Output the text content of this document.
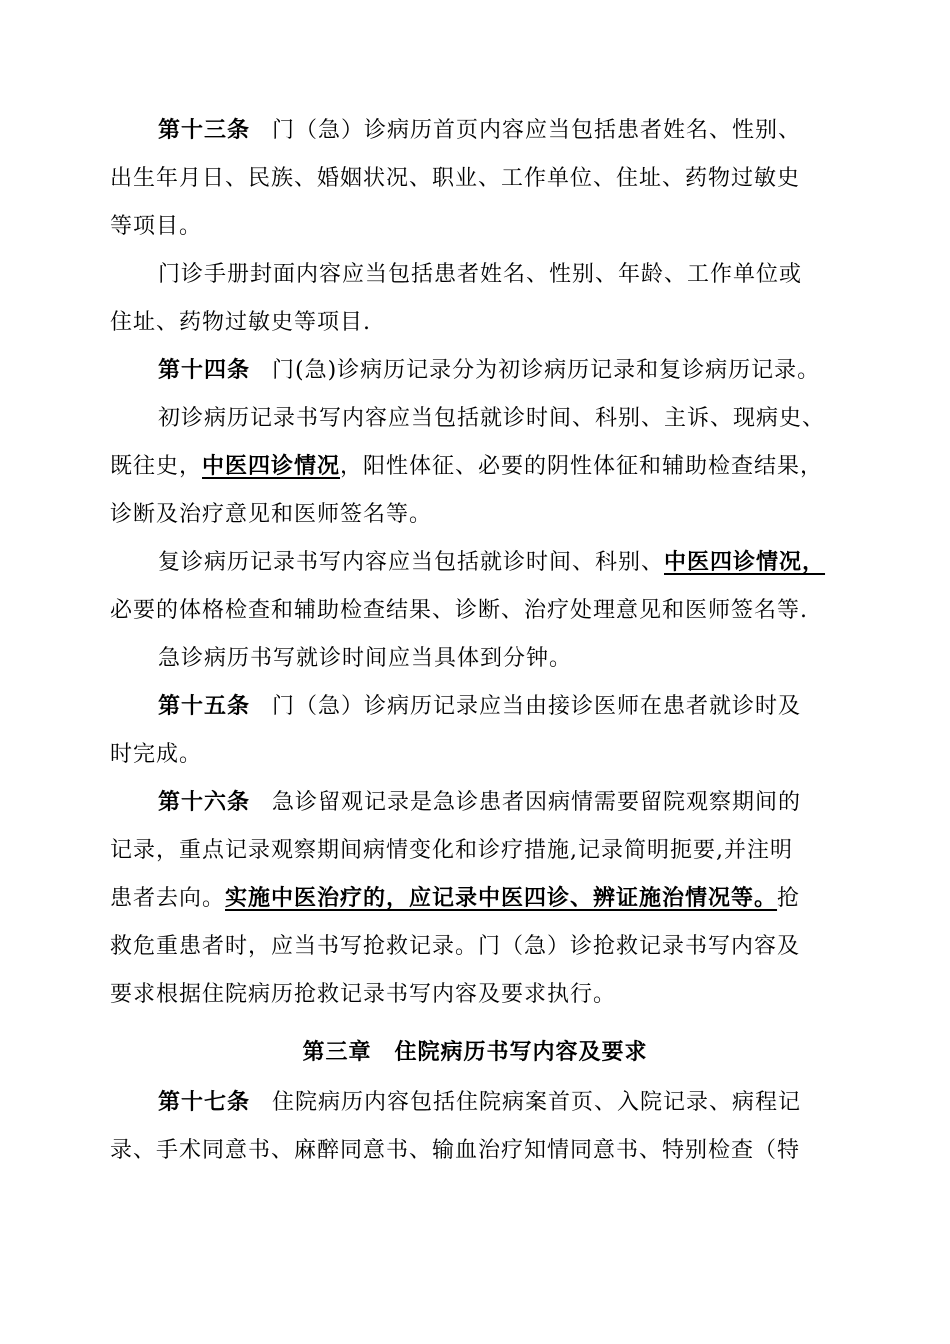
第十三条 门（急）诊病历首页内容应当包括患者姓名、性别、
出生年月日、民族、婚姻状况、职业、工作单位、住址、药物过敏史
等项目。
门诊手册封面内容应当包括患者姓名、性别、年龄、工作单位或
住址、药物过敏史等项目.
第十四条 门(急)诊病历记录分为初诊病历记录和复诊病历记录。
初诊病历记录书写内容应当包括就诊时间、科别、主诉、现病史、
既往史，中医四诊情况，阳性体征、必要的阴性体征和辅助检查结果，
诊断及治疗意见和医师签名等。
复诊病历记录书写内容应当包括就诊时间、科别、中医四诊情况，
必要的体格检查和辅助检查结果、诊断、治疗处理意见和医师签名等.
急诊病历书写就诊时间应当具体到分钟。
第十五条 门（急）诊病历记录应当由接诊医师在患者就诊时及
时完成。
第十六条 急诊留观记录是急诊患者因病情需要留院观察期间的
记录，重点记录观察期间病情变化和诊疗措施,记录简明扼要,并注明
患者去向。实施中医治疗的，应记录中医四诊、辨证施治情况等。抢
救危重患者时，应当书写抢救记录。门（急）诊抢救记录书写内容及
要求根据住院病历抢救记录书写内容及要求执行。
第三章　住院病历书写内容及要求
第十七条 住院病历内容包括住院病案首页、入院记录、病程记
录、手术同意书、麻醉同意书、输血治疗知情同意书、特别检查（特
